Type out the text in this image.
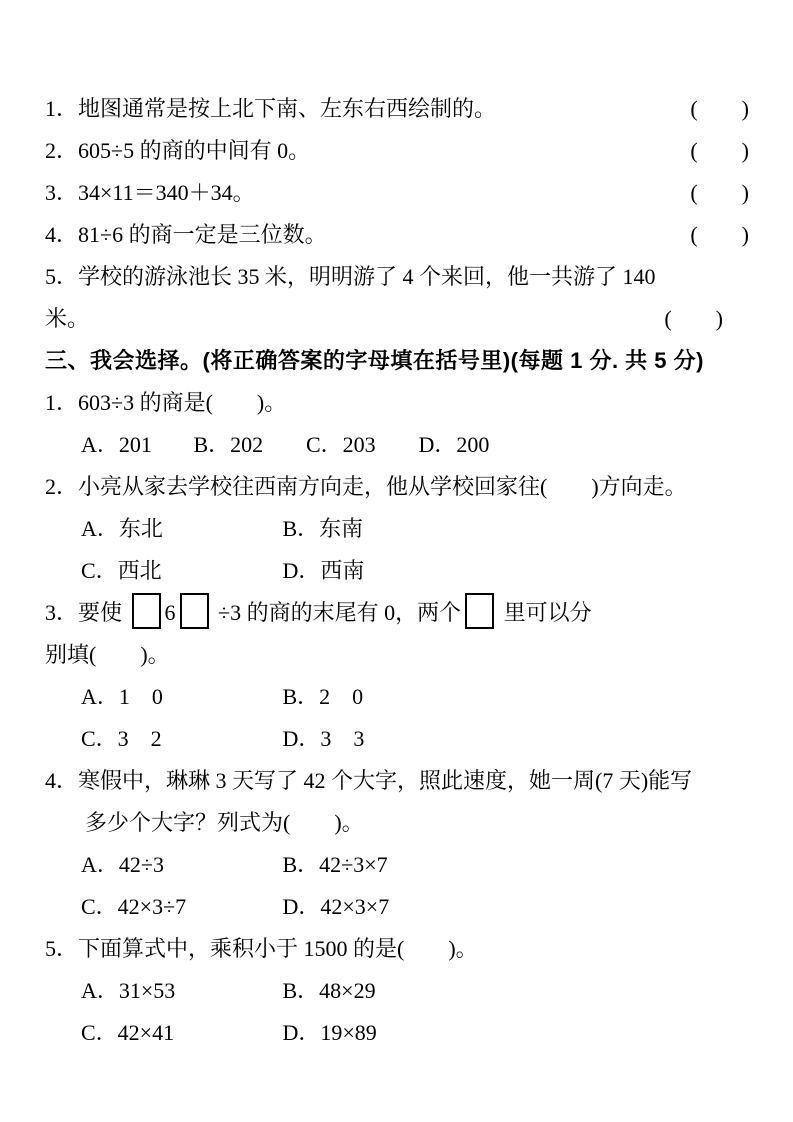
1．地图通常是按上北下南、左东右西绘制的。	(　　)
2．605÷5 的商的中间有 0。	(　　)
3．34×11＝340＋34。	(　　)
4．81÷6 的商一定是三位数。	(　　)
5．学校的游泳池长 35 米，明明游了 4 个来回，他一共游了 140
米。	(　　)
三、我会选择。(将正确答案的字母填在括号里)(每题 1 分. 共 5 分)
1．603÷3 的商是(　　)。
A．201 B．202 C．203 D．200
2．小亮从家去学校往西南方向走，他从学校回家往(　　)方向走。
A．东北	B．东南
C．西北	D．西南
3．要使 6 ÷3 的商的末尾有 0，两个 里可以分
别填(　　)。
A．1　0	B．2　0
C．3　2	D．3　3
4．寒假中，琳琳 3 天写了 42 个大字，照此速度，她一周(7 天)能写
多少个大字？列式为(　　)。
A．42÷3	B．42÷3×7
C．42×3÷7	D．42×3×7
5．下面算式中，乘积小于 1500 的是(　　)。
A．31×53	B．48×29
C．42×41	D．19×89
